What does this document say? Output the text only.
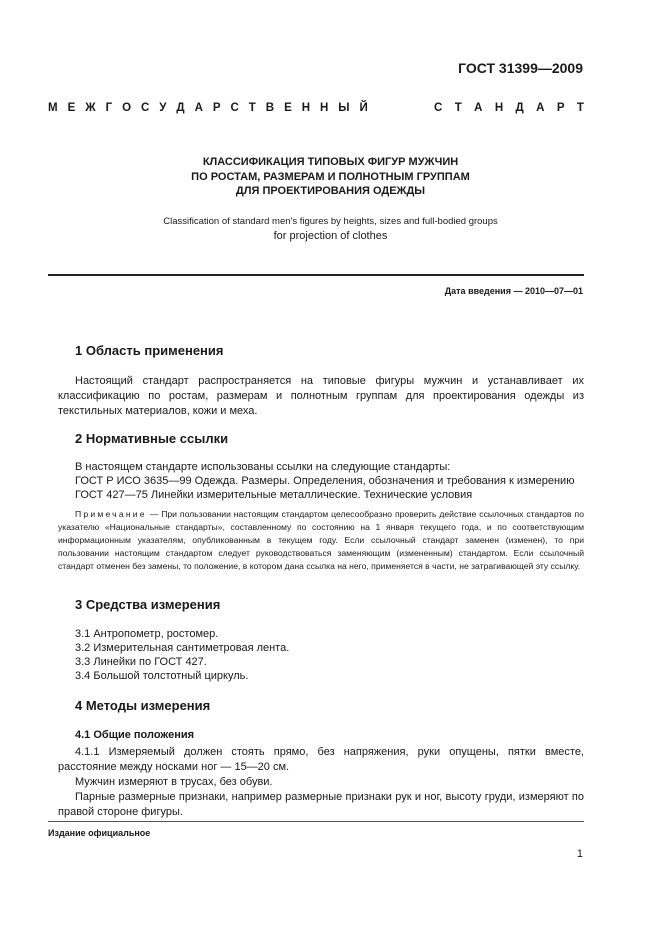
ГОСТ 31399—2009
М Е Ж Г О С У Д А Р С Т В Е Н Н Ы Й	С Т А Н Д А Р Т
КЛАССИФИКАЦИЯ ТИПОВЫХ ФИГУР МУЖЧИН
ПО РОСТАМ, РАЗМЕРАМ И ПОЛНОТНЫМ ГРУППАМ
ДЛЯ ПРОЕКТИРОВАНИЯ ОДЕЖДЫ
Classification of standard men's figures by heights, sizes and full-bodied groups
for projection of clothes
Дата введения — 2010—07—01
1 Область применения

Настоящий стандарт распространяется на типовые фигуры мужчин и устанавливает их классификацию по ростам, размерам и полнотным группам для проектирования одежды из текстильных материалов, кожи и меха.

2 Нормативные ссылки
В настоящем стандарте использованы ссылки на следующие стандарты:
ГОСТ Р ИСО 3635—99 Одежда. Размеры. Определения, обозначения и требования к измерению
ГОСТ 427—75 Линейки измерительные металлические. Технические условия

Примечание — При пользовании настоящим стандартом целесообразно проверить действие ссылочных стандартов по указателю «Национальные стандарты», составленному по состоянию на 1 января текущего года, и по соответствующим информационным указателям, опубликованным в текущем году. Если ссылочный стандарт заменен (изменен), то при пользовании настоящим стандартом следует руководствоваться заменяющим (измененным) стандартом. Если ссылочный стандарт отменен без замены, то положение, в котором дана ссылка на него, применяется в части, не затрагивающей эту ссылку.

3 Средства измерения
3.1 Антропометр, ростомер.
3.2 Измерительная сантиметровая лента.
3.3 Линейки по ГОСТ 427.
3.4 Большой толстотный циркуль.
4 Методы измерения
4.1 Общие положения

4.1.1 Измеряемый должен стоять прямо, без напряжения, руки опущены, пятки вместе, расстояние между носками ног — 15—20 см.

Мужчин измеряют в трусах, без обуви.

Парные размерные признаки, например размерные признаки рук и ног, высоту груди, измеряют по правой стороне фигуры.

Издание официальное
1
